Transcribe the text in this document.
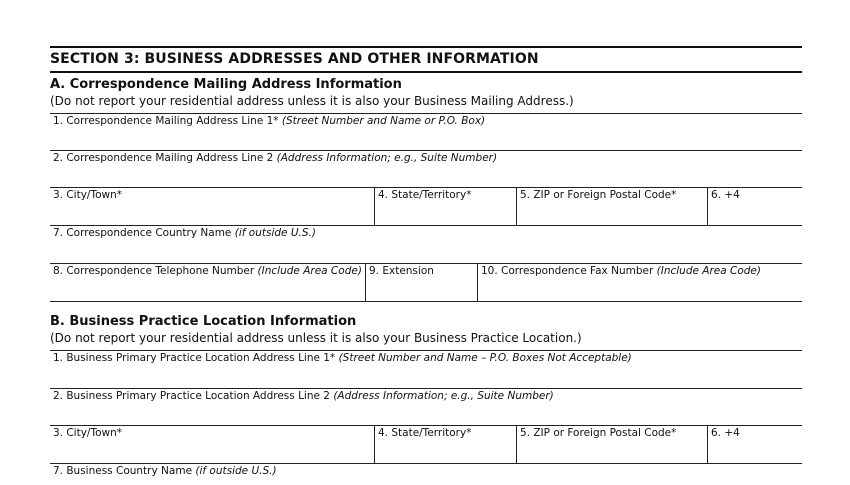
SECTION 3: BUSINESS ADDRESSES AND OTHER INFORMATION
A. Correspondence Mailing Address Information
(Do not report your residential address unless it is also your Business Mailing Address.)
1. Correspondence Mailing Address Line 1* (Street Number and Name or P.O. Box)
2. Correspondence Mailing Address Line 2 (Address Information; e.g., Suite Number)
3. City/Town*	4. State/Territory*	5. ZIP or Foreign Postal Code*	6. +4
7. Correspondence Country Name (if outside U.S.)
8. Correspondence Telephone Number (Include Area Code) 9. Extension	10. Correspondence Fax Number (Include Area Code)
B. Business Practice Location Information
(Do not report your residential address unless it is also your Business Practice Location.)
1. Business Primary Practice Location Address Line 1* (Street Number and Name – P.O. Boxes Not Acceptable)
2. Business Primary Practice Location Address Line 2 (Address Information; e.g., Suite Number)
3. City/Town*	4. State/Territory*	5. ZIP or Foreign Postal Code*	6. +4
7. Business Country Name (if outside U.S.)
